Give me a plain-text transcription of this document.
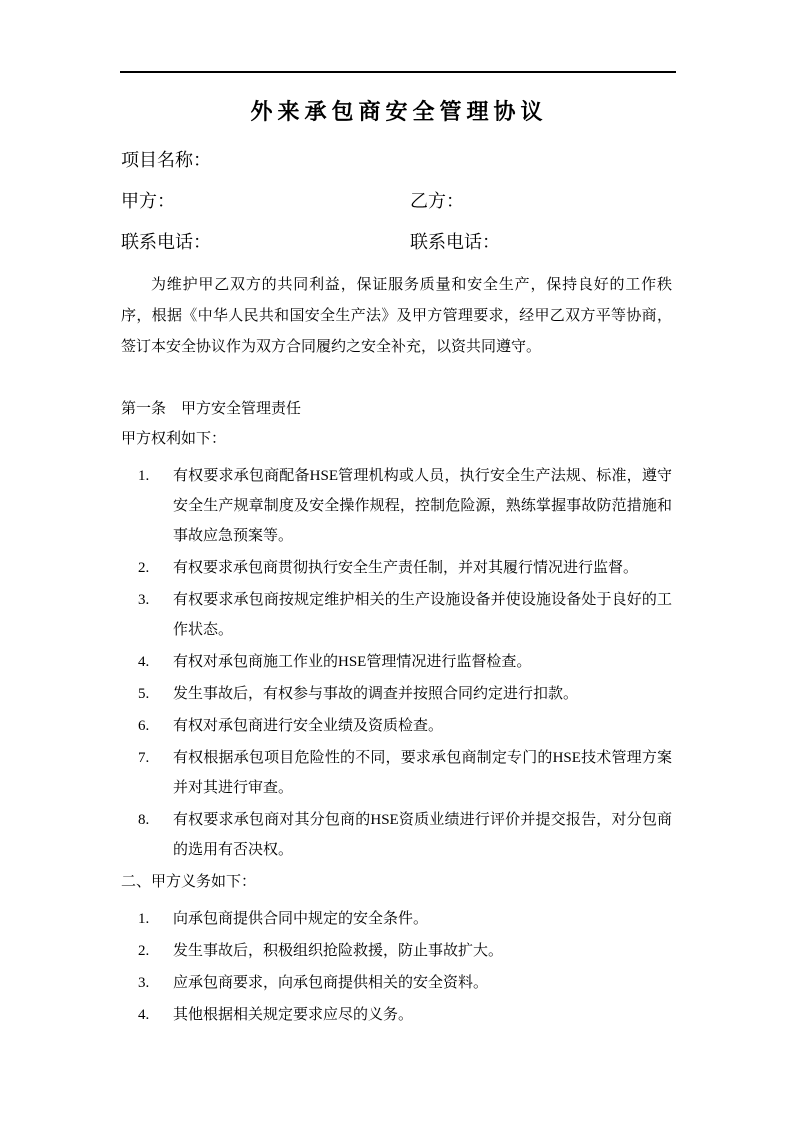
外来承包商安全管理协议
项目名称：
甲方：	乙方：
联系电话：	联系电话：

为维护甲乙双方的共同利益，保证服务质量和安全生产，保持良好的工作秩序，根据《中华人民共和国安全生产法》及甲方管理要求，经甲乙双方平等协商，签订本安全协议作为双方合同履约之安全补充，以资共同遵守。

第一条　甲方安全管理责任
甲方权利如下：
1.	有权要求承包商配备HSE管理机构或人员，执行安全生产法规、标准，遵守安全生产规章制度及安全操作规程，控制危险源，熟练掌握事故防范措施和事故应急预案等。
2.	有权要求承包商贯彻执行安全生产责任制，并对其履行情况进行监督。
3.	有权要求承包商按规定维护相关的生产设施设备并使设施设备处于良好的工作状态。
4.	有权对承包商施工作业的HSE管理情况进行监督检查。
5.	发生事故后，有权参与事故的调查并按照合同约定进行扣款。
6.	有权对承包商进行安全业绩及资质检查。
7.	有权根据承包项目危险性的不同，要求承包商制定专门的HSE技术管理方案并对其进行审查。
8.	有权要求承包商对其分包商的HSE资质业绩进行评价并提交报告，对分包商的选用有否决权。
二、甲方义务如下：
1.	向承包商提供合同中规定的安全条件。
2.	发生事故后，积极组织抢险救援，防止事故扩大。
3.	应承包商要求，向承包商提供相关的安全资料。
4.	其他根据相关规定要求应尽的义务。
